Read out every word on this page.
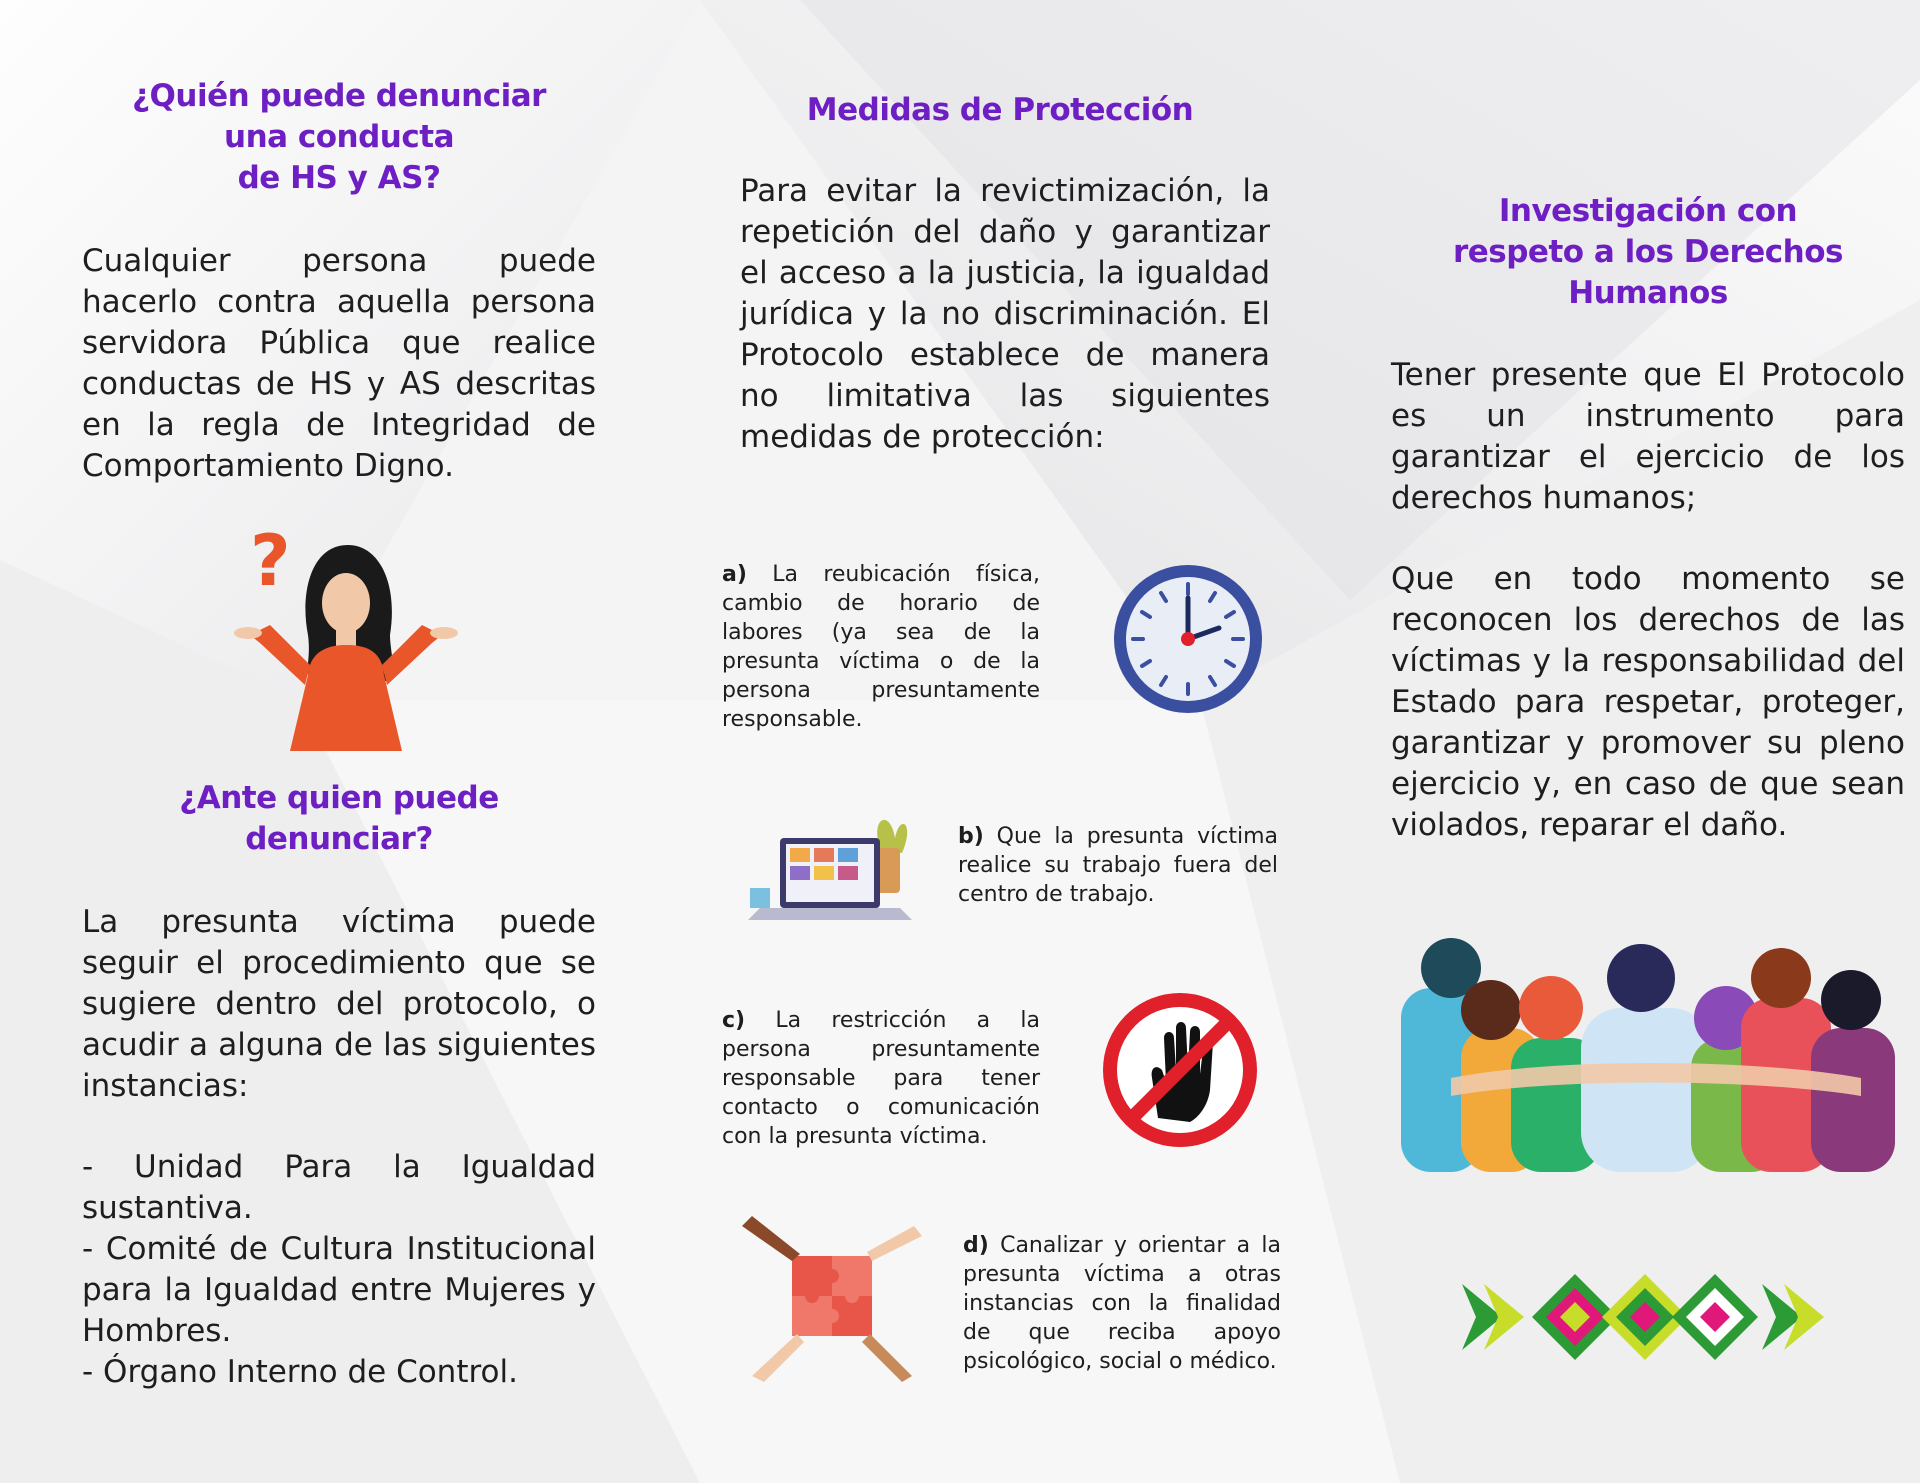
¿Quién puede denunciar
una conducta
de HS y AS?

Cualquier persona puede hacerlo contra aquella persona servidora Pública que realice conductas de HS y AS descritas en la regla de Integridad de Comportamiento Digno.

?
¿Ante quien puede
denunciar?

La presunta víctima puede seguir el procedimiento que se sugiere dentro del protocolo, o acudir a alguna de las siguientes instancias:

- Unidad Para la Igualdad sustantiva.

- Comité de Cultura Institucional para la Igualdad entre Mujeres y Hombres.

- Órgano Interno de Control.

Medidas de Protección

Para evitar la revictimización, la repetición del daño y garantizar el acceso a la justicia, la igualdad jurídica y la no discriminación. El Protocolo establece de manera no limitativa las siguientes medidas de protección:

a) La reubicación física, cambio de horario de labores (ya sea de la presunta víctima o de la persona presuntamente responsable.

b) Que la presunta víctima realice su trabajo fuera del centro de trabajo.

c) La restricción a la persona presuntamente responsable para tener contacto o comunicación con la presunta víctima.

d) Canalizar y orientar a la presunta víctima a otras instancias con la finalidad de que reciba apoyo psicológico, social o médico.

Investigación con
respeto a los Derechos
Humanos

Tener presente que El Protocolo es un instrumento para garantizar el ejercicio de los derechos humanos;

Que en todo momento se reconocen los derechos de las víctimas y la responsabilidad del Estado para respetar, proteger, garantizar y promover su pleno ejercicio y, en caso de que sean violados, reparar el daño.
